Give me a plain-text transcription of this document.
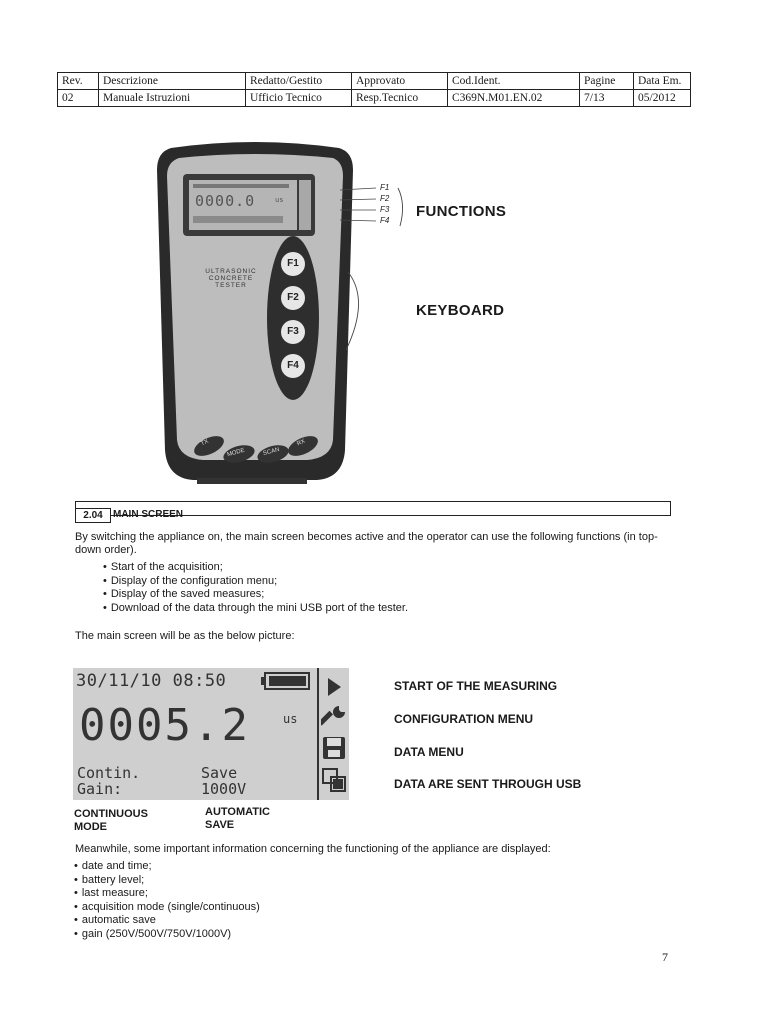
Rev.	Descrizione	Redatto/Gestito	Approvato	Cod.Ident.	Pagine	Data Em.
02	Manuale Istruzioni	Ufficio Tecnico	Resp.Tecnico	C369N.M01.EN.02	7/13	05/2012
0000.0	us
ULTRASONIC
CONCRETE
TESTER
F1
F2
F3
F4
TX
MODE	SCAN
RX
F1
F2
F3
F4
FUNCTIONS
KEYBOARD
2.04	MAIN SCREEN
By switching the appliance on, the main screen becomes active and the operator can use the following functions (in top-down order).
• Start of the acquisition;
• Display of the configuration menu;
• Display of the saved measures;
• Download of the data through the mini USB port of the tester.
The main screen will be as the below picture:
30/11/10 08:50
0005.2	us
Contin.
Gain:
Save
1000V
START OF THE MEASURING
CONFIGURATION MENU
DATA MENU
DATA ARE SENT THROUGH USB
CONTINUOUS
MODE
AUTOMATIC
SAVE
Meanwhile, some important information concerning the functioning of the appliance are displayed:
• date and time;
• battery level;
• last measure;
• acquisition mode (single/continuous)
• automatic save
• gain (250V/500V/750V/1000V)
7
